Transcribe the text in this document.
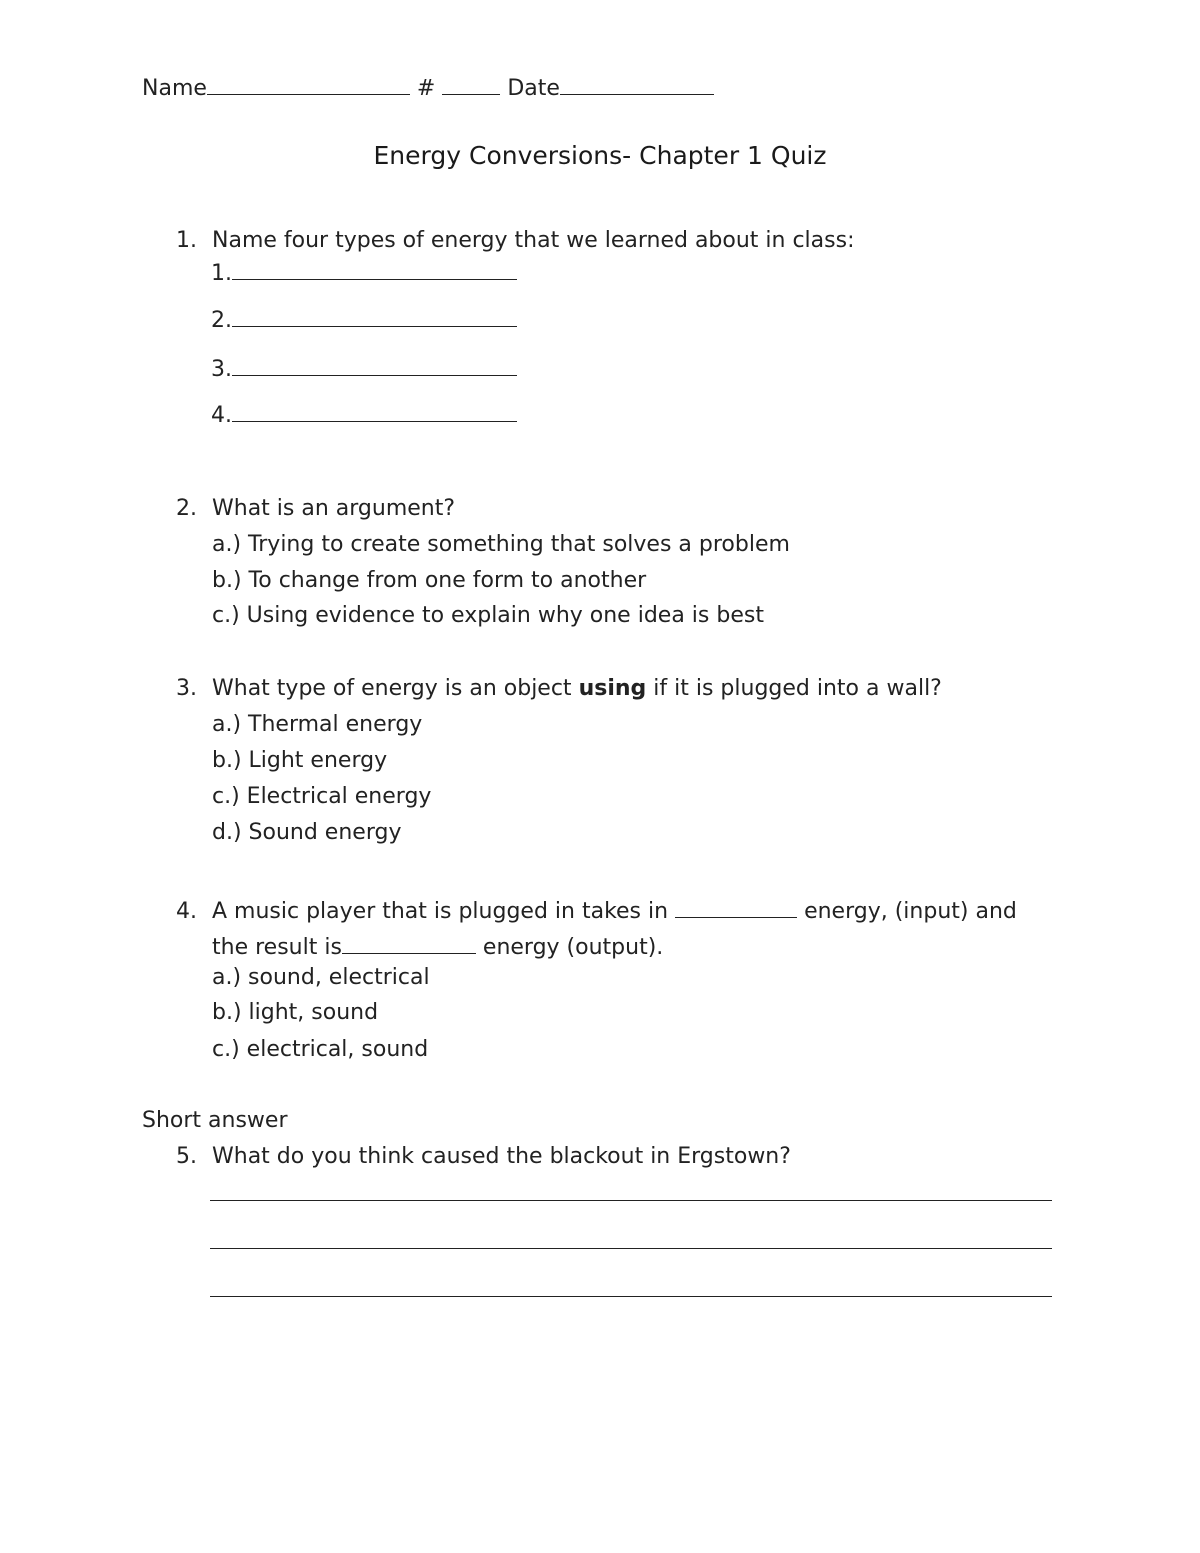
Name	#	Date
Energy Conversions- Chapter 1 Quiz
1. Name four types of energy that we learned about in class:
1.
2.
3.
4.
2. What is an argument?
a.) Trying to create something that solves a problem
b.) To change from one form to another
c.) Using evidence to explain why one idea is best
3. What type of energy is an object using if it is plugged into a wall?
a.) Thermal energy
b.) Light energy
c.) Electrical energy
d.) Sound energy
4. A music player that is plugged in takes in	energy, (input) and
the result is	energy (output).
a.) sound, electrical
b.) light, sound
c.) electrical, sound
Short answer
5. What do you think caused the blackout in Ergstown?
